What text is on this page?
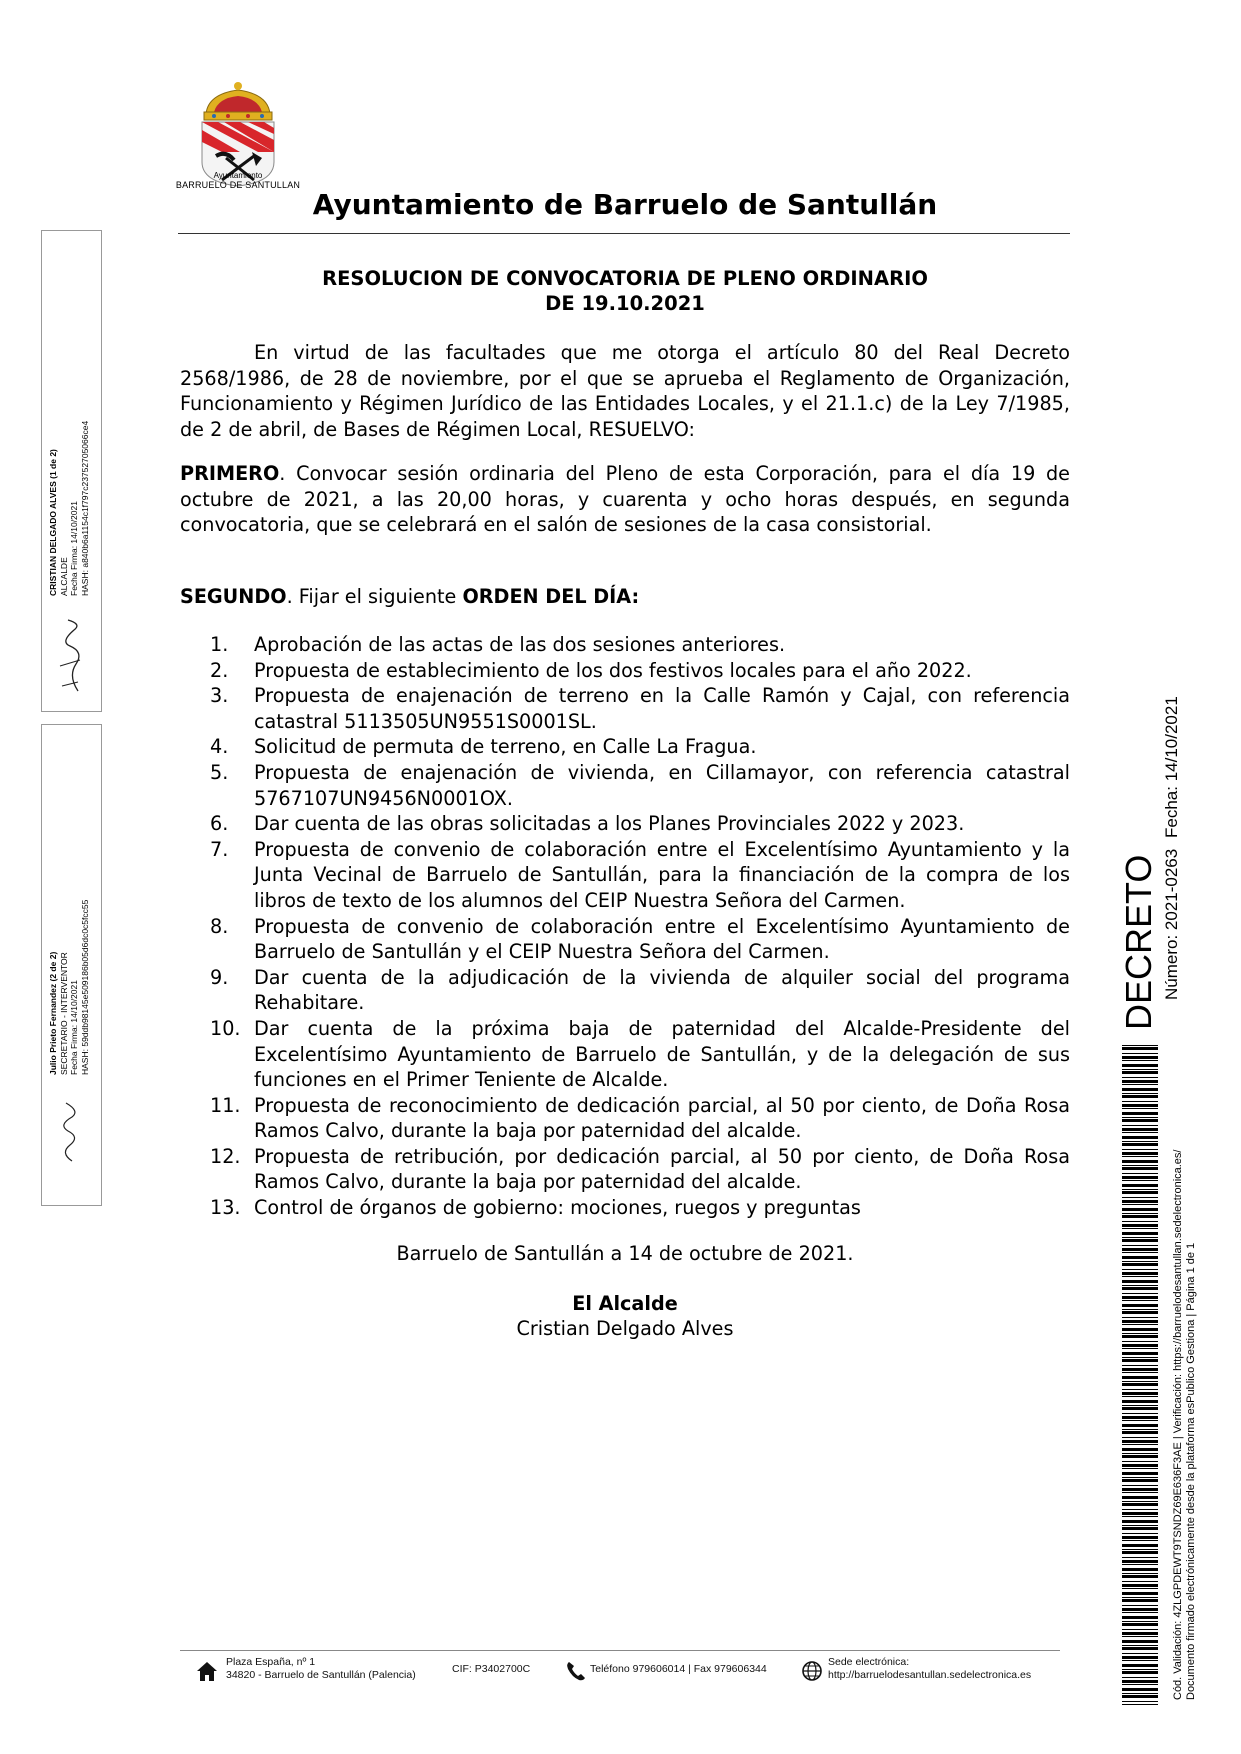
Ayuntamiento
BARRUELO DE SANTULLAN
Ayuntamiento de Barruelo de Santullán
RESOLUCION DE CONVOCATORIA DE PLENO ORDINARIO
DE 19.10.2021
En virtud de las facultades que me otorga el artículo 80 del Real Decreto 2568/1986, de 28 de noviembre, por el que se aprueba el Reglamento de Organización, Funcionamiento y Régimen Jurídico de las Entidades Locales, y el 21.1.c) de la Ley 7/1985, de 2 de abril, de Bases de Régimen Local, RESUELVO:
PRIMERO. Convocar sesión ordinaria del Pleno de esta Corporación, para el día 19 de octubre de 2021, a las 20,00 horas, y cuarenta y ocho horas después, en segunda convocatoria, que se celebrará en el salón de sesiones de la casa consistorial.
SEGUNDO. Fijar el siguiente ORDEN DEL DÍA:
1.	Aprobación de las actas de las dos sesiones anteriores.
2.	Propuesta de establecimiento de los dos festivos locales para el año 2022.
3.	Propuesta de enajenación de terreno en la Calle Ramón y Cajal, con referencia catastral 5113505UN9551S0001SL.
4.	Solicitud de permuta de terreno, en Calle La Fragua.
5.	Propuesta de enajenación de vivienda, en Cillamayor, con referencia catastral 5767107UN9456N0001OX.
6.	Dar cuenta de las obras solicitadas a los Planes Provinciales 2022 y 2023.
7.	Propuesta de convenio de colaboración entre el Excelentísimo Ayuntamiento y la Junta Vecinal de Barruelo de Santullán, para la financiación de la compra de los libros de texto de los alumnos del CEIP Nuestra Señora del Carmen.
8.	Propuesta de convenio de colaboración entre el Excelentísimo Ayuntamiento de Barruelo de Santullán y el CEIP Nuestra Señora del Carmen.
9.	Dar cuenta de la adjudicación de la vivienda de alquiler social del programa Rehabitare.
10. Dar cuenta de la próxima baja de paternidad del Alcalde-Presidente del Excelentísimo Ayuntamiento de Barruelo de Santullán, y de la delegación de sus funciones en el Primer Teniente de Alcalde.
11. Propuesta de reconocimiento de dedicación parcial, al 50 por ciento, de Doña Rosa Ramos Calvo, durante la baja por paternidad del alcalde.
12. Propuesta de retribución, por dedicación parcial, al 50 por ciento, de Doña Rosa Ramos Calvo, durante la baja por paternidad del alcalde.
13. Control de órganos de gobierno: mociones, ruegos y preguntas
Barruelo de Santullán a 14 de octubre de 2021.
El Alcalde
Cristian Delgado Alves
CRISTIAN DELGADO ALVES (1 de 2) ALCALDE Fecha Firma: 14/10/2021 HASH: a840b6a1154c1f797c23752705066ce4
Julio Prieto Fernandez (2 de 2) SECRETARIO - INTERVENTOR Fecha Firma: 14/10/2021 HASH: 59ddb98145e509186b05d6dc0c5fcc55	DECRETO Número: 2021-0263
Fecha: 14/10/2021
Cód. Validación: 4ZLGPDEWT9TSNDZ69E636F3AE | Verificación: https://barruelodesantullan.sedelectronica.es/ Documento firmado electrónicamente desde la plataforma esPublico Gestiona | Página 1 de 1
Plaza España, nº 1
34820 - Barruelo de Santullán (Palencia)	CIF: P3402700C	Teléfono 979606014 | Fax 979606344
Sede electrónica:
http://barruelodesantullan.sedelectronica.es
